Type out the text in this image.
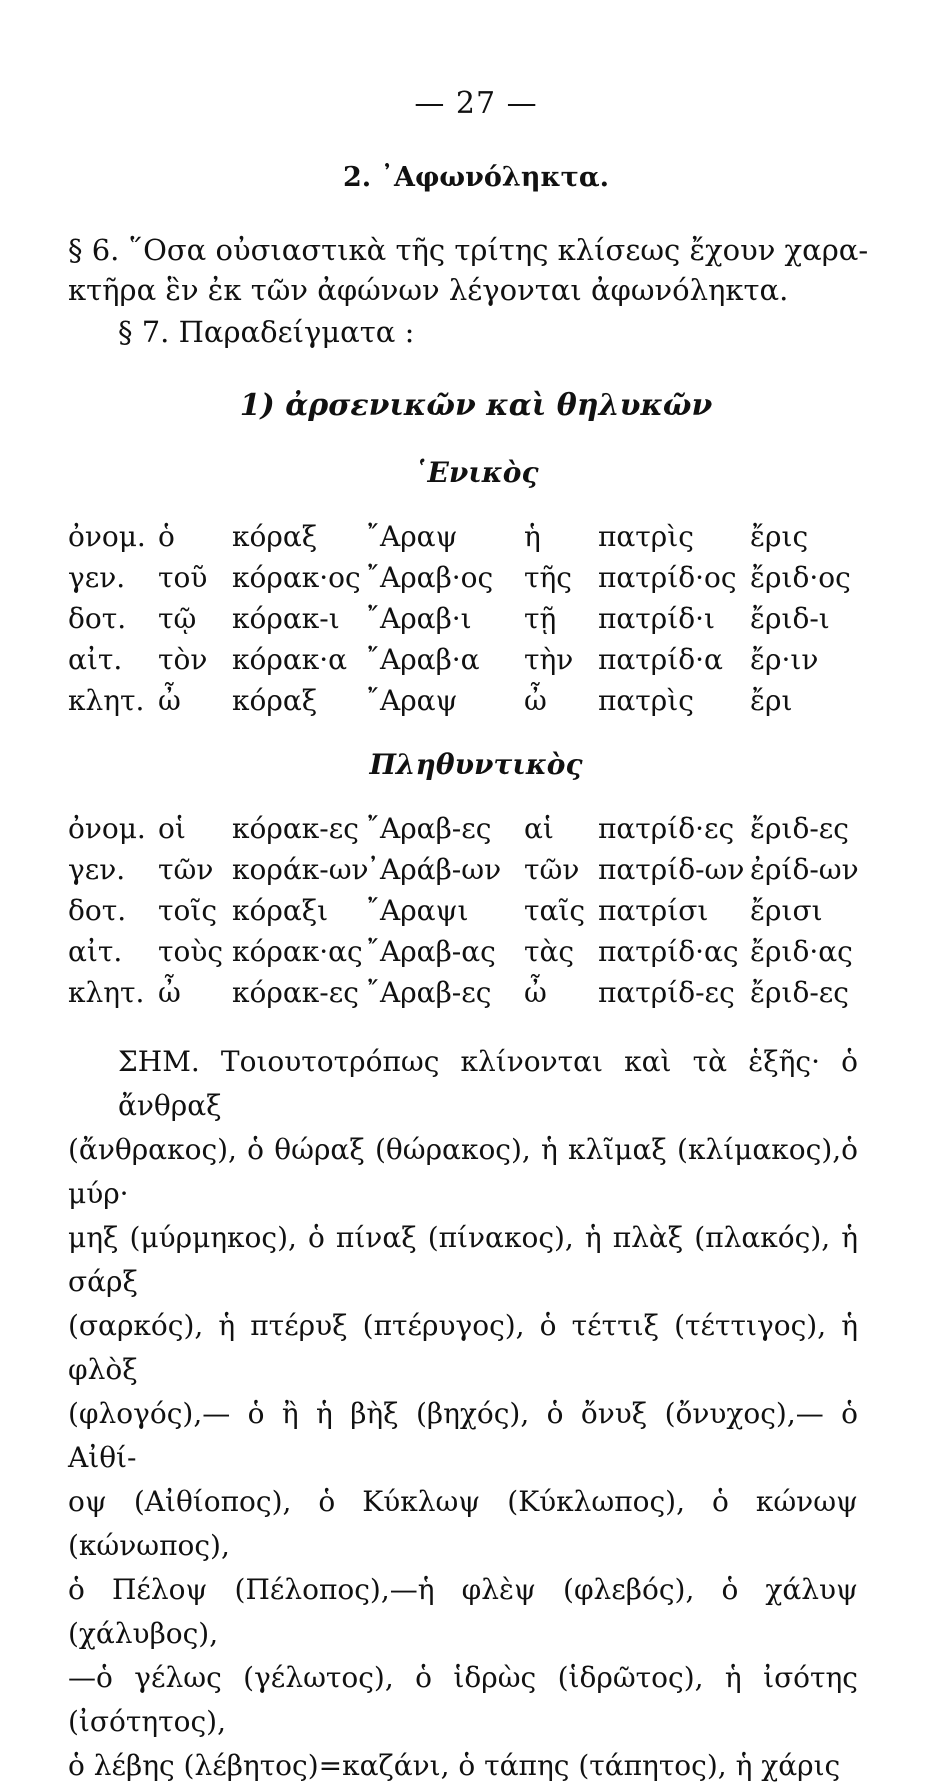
— 27 —
2. ᾿Αφωνόληκτα.
§ 6. ῞Οσα οὐσιαστικὰ τῆς τρίτης κλίσεως ἔχουν χαρα-
κτῆρα ἓν ἐκ τῶν ἀφώνων λέγονται ἀφωνόληκτα.
§ 7. Παραδείγματα :
1) ἀρσενικῶν καὶ θηλυκῶν
῾Ενικὸς
ὀνομ. ὁ κόραξ ῎Αραψ ἡ πατρὶς ἔρις
γεν. τοῦ κόρακ·ος ῎Αραβ·ος τῆς πατρίδ·ος ἔριδ·ος
δοτ. τῷ κόρακ-ι ῎Αραβ·ι τῇ πατρίδ·ι ἔριδ-ι
αἰτ. τὸν κόρακ·α ῎Αραβ·α τὴν πατρίδ·α ἔρ·ιν
κλητ. ὦ κόραξ ῎Αραψ ὦ πατρὶς ἔρι
Πληθυντικὸς
ὀνομ. οἱ κόρακ-ες ῎Αραβ-ες αἱ πατρίδ·ες ἔριδ-ες
γεν. τῶν κοράκ-ων
᾿Αράβ-ων τῶν πατρίδ-ων ἐρίδ-ων
δοτ. τοῖς κόραξι ῎Αραψι ταῖς πατρίσι ἔρισι
αἰτ. τοὺς κόρακ·ας ῎Αραβ-ας τὰς πατρίδ·ας ἔριδ·ας
κλητ. ὦ κόρακ-ες ῎Αραβ-ες ὦ πατρίδ-ες ἔριδ-ες

ΣΗΜ. Τοιουτοτρόπως κλίνονται καὶ τὰ ἑξῆς· ὁ ἄνθραξ

(ἄνθρακος), ὁ θώραξ (θώρακος), ἡ κλῖμαξ (κλίμακος),ὁ μύρ·

μηξ (μύρμηκος), ὁ πίναξ (πίνακος), ἡ πλὰξ (πλακός), ἡ σάρξ

(σαρκός), ἡ πτέρυξ (πτέρυγος), ὁ τέττιξ (τέττιγος), ἡ φλὸξ

(φλογός),— ὁ ἢ ἡ βὴξ (βηχός), ὁ ὄνυξ (ὄνυχος),— ὁ Αἰθί-

οψ (Αἰθίοπος), ὁ Κύκλωψ (Κύκλωπος), ὁ κώνωψ (κώνωπος),

ὁ Πέλοψ (Πέλοπος),—ἡ φλὲψ (φλεβός), ὁ χάλυψ (χάλυβος),

—ὁ γέλως (γέλωτος), ὁ ἱδρὼς (ἱδρῶτος), ἡ ἰσότης (ἰσότητος),

ὁ λέβης (λέβητος)=καζάνι, ὁ τάπης (τάπητος), ἡ χάρις
